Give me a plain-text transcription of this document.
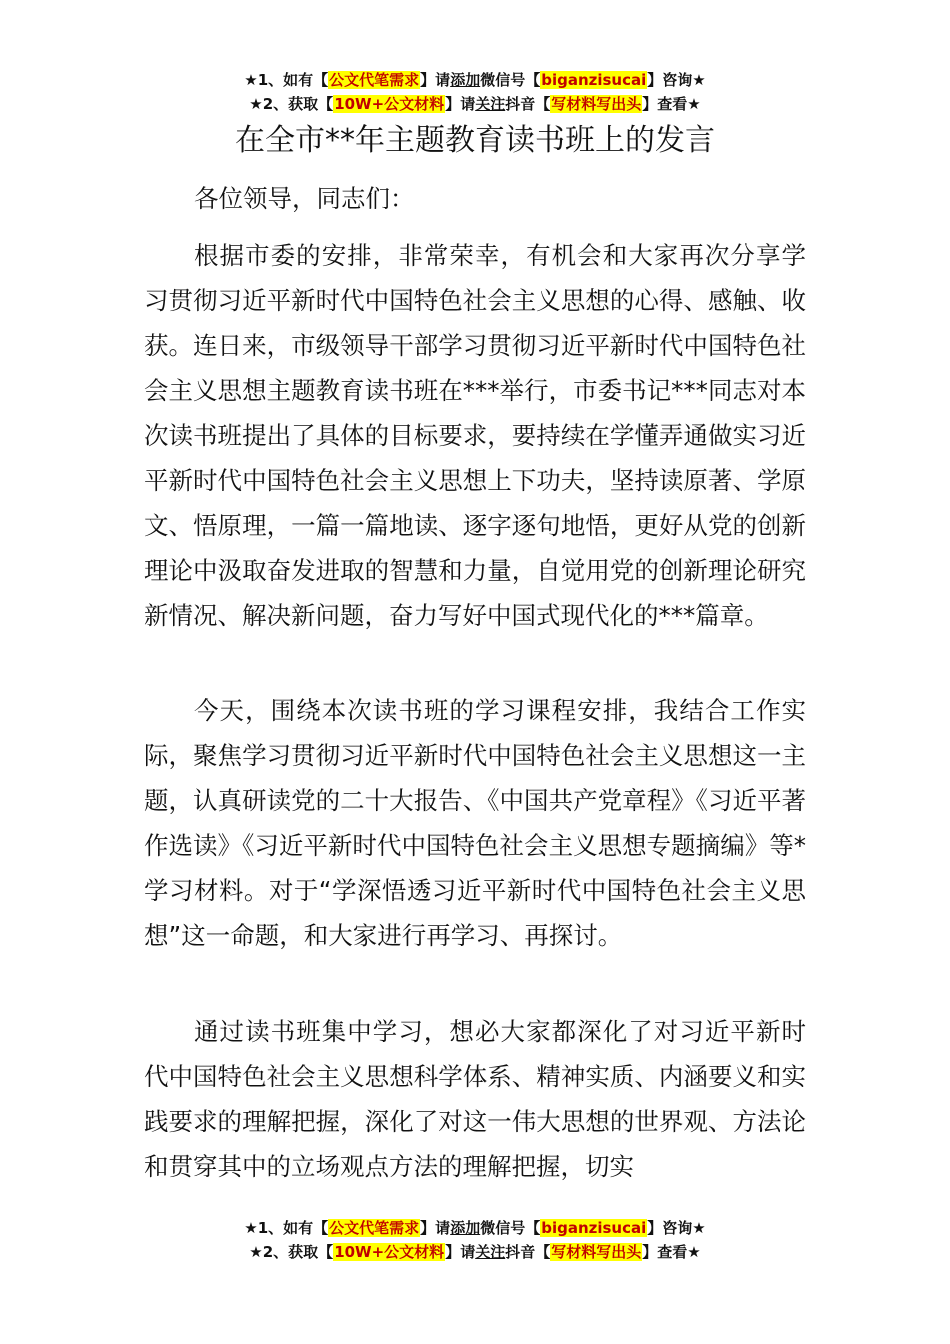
★1、如有【公文代笔需求】请添加微信号【biganzisucai】咨询★
★2、获取【10W+公文材料】请关注抖音【写材料写出头】查看★
在全市**年主题教育读书班上的发言
各位领导，同志们：

根据市委的安排，非常荣幸，有机会和大家再次分享学习贯彻习近平新时代中国特色社会主义思想的心得、感触、收获。连日来，市级领导干部学习贯彻习近平新时代中国特色社会主义思想主题教育读书班在***举行，市委书记***同志对本次读书班提出了具体的目标要求，要持续在学懂弄通做实习近平新时代中国特色社会主义思想上下功夫，坚持读原著、学原文、悟原理，一篇一篇地读、逐字逐句地悟，更好从党的创新理论中汲取奋发进取的智慧和力量，自觉用党的创新理论研究新情况、解决新问题，奋力写好中国式现代化的***篇章。

今天，围绕本次读书班的学习课程安排，我结合工作实际，聚焦学习贯彻习近平新时代中国特色社会主义思想这一主题，认真研读党的二十大报告、《中国共产党章程》《习近平著作选读》《习近平新时代中国特色社会主义思想专题摘编》等*学习材料。对于“学深悟透习近平新时代中国特色社会主义思想”这一命题，和大家进行再学习、再探讨。

通过读书班集中学习，想必大家都深化了对习近平新时代中国特色社会主义思想科学体系、精神实质、内涵要义和实践要求的理解把握，深化了对这一伟大思想的世界观、方法论和贯穿其中的立场观点方法的理解把握，切实

★1、如有【公文代笔需求】请添加微信号【biganzisucai】咨询★
★2、获取【10W+公文材料】请关注抖音【写材料写出头】查看★
